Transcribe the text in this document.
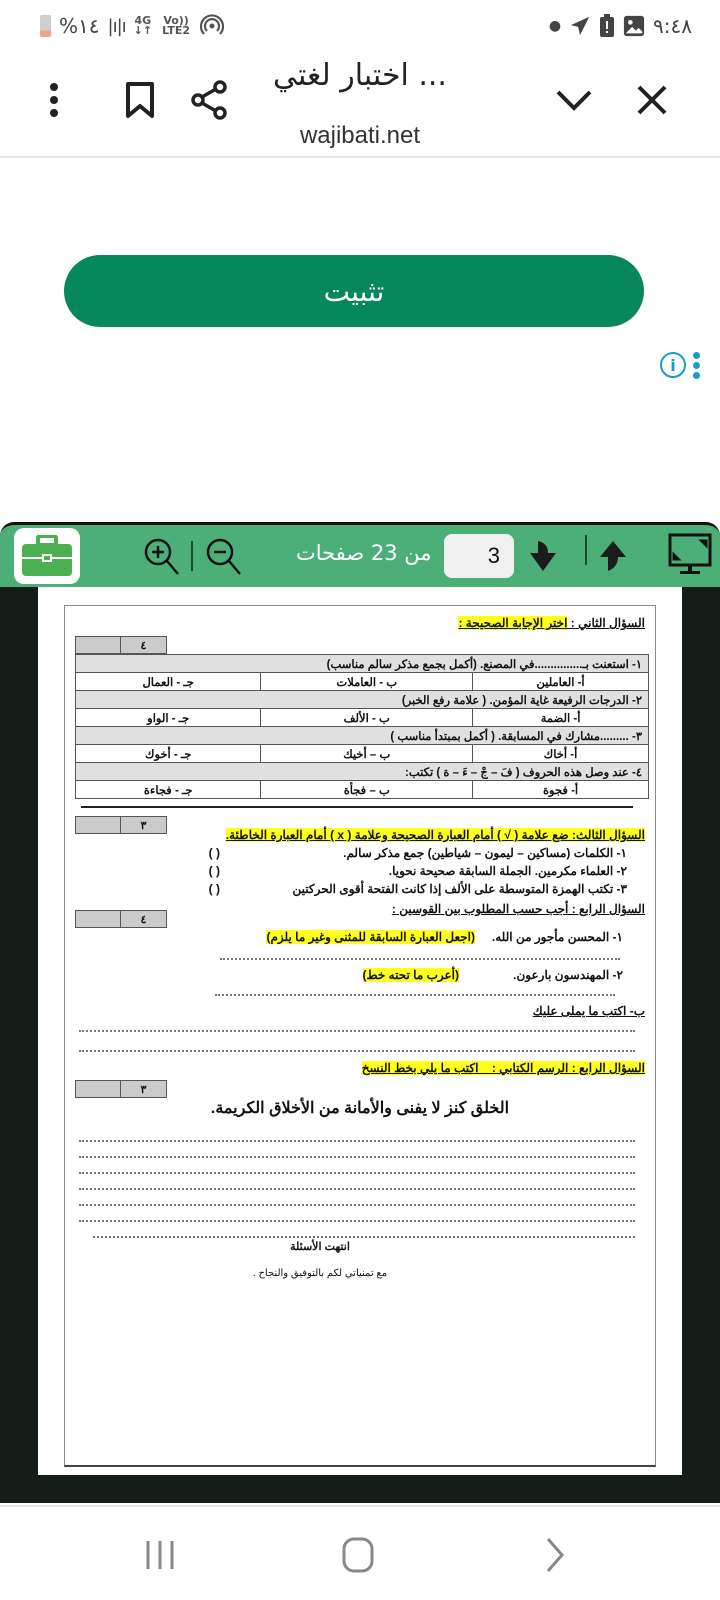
%١٤ |ı|ı 4G
↓↑
Vo)) LTE2	●	٩:٤٨
اختبار لغتي ...
wajibati.net
تثبيت
i
من 23 صفحات	3
السؤال الثاني : اختر الإجابة الصحيحة :
٤
١- استعنت بـ...............في المصنع. (أكمل بجمع مذكر سالم مناسب)		
أ- العاملين	ب - العاملات	جـ - العمال
٢- الدرجات الرفيعة غاية المؤمن. ( علامة رفع الخبر)		
أ- الضمة	ب - الألف	جـ - الواو
٣- .........مشارك في المسابقة. ( أكمل بمبتدأ مناسب )		
أ- أخاك	ب – أخيك	جـ - أخوك
٤- عند وصل هذه الحروف ( فَ – جْ – ءَ – ة ) تكتب:		
أ- فجوة	ب – فجأة	جـ - فجاءة
٣
السؤال الثالث: ضع علامة ( √ ) أمام العبارة الصحيحة وعلامة ( x ) أمام العبارة الخاطئة.
١- الكلمات (مساكين – ليمون – شياطين) جمع مذكر سالم.
( )
٢- العلماء مكرمين. الجملة السابقة صحيحة نحويا.
( )
٣- تكتب الهمزة المتوسطة على الألف إذا كانت الفتحة أقوى الحركتين
( )
السؤال الرابع : أجب حسب المطلوب بين القوسين :
٤
١- المحسن مأجور من الله.
(اجعل العبارة السابقة للمثنى وغير ما يلزم)
٢- المهندسون بارعون.
(أعرب ما تحته خط)
ب- اكتب ما يملى عليك
السؤال الرابع : الرسم الكتابي :    اكتب ما يلي بخط النسخ
٣
الخلق كنز لا يفنى والأمانة من الأخلاق الكريمة.
انتهت الأسئلة
مع تمنياتي لكم بالتوفيق والنجاح .
